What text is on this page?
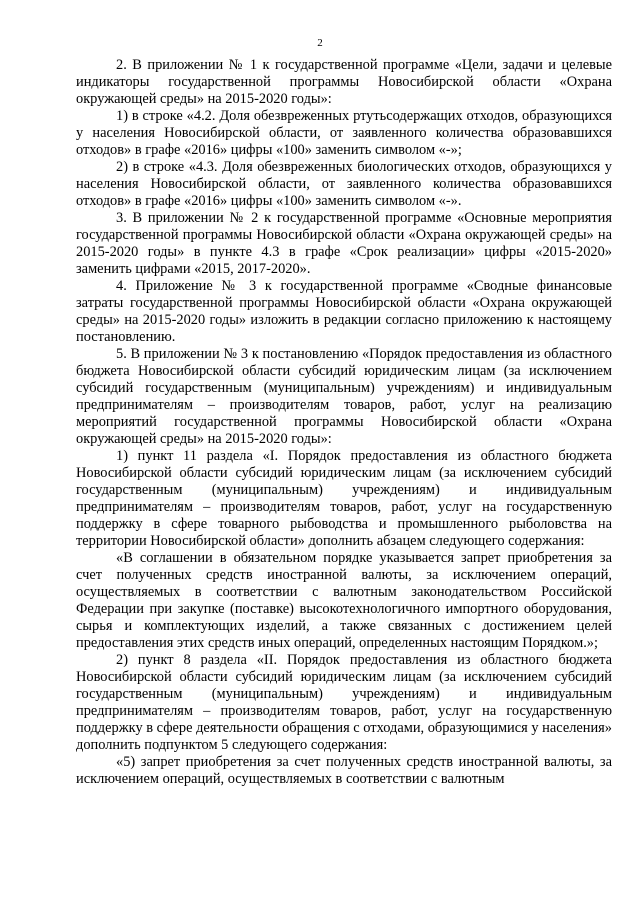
2

2. В приложении № 1 к государственной программе «Цели, задачи и целевые индикаторы государственной программы Новосибирской области «Охрана окружающей среды» на 2015-2020 годы»:

1) в строке «4.2. Доля обезвреженных ртутьсодержащих отходов, образующихся у населения Новосибирской области, от заявленного количества образовавшихся отходов» в графе «2016» цифры «100» заменить символом «-»;

2) в строке «4.3. Доля обезвреженных биологических отходов, образующихся у населения Новосибирской области, от заявленного количества образовавшихся отходов» в графе «2016» цифры «100» заменить символом «-».

3. В приложении № 2 к государственной программе «Основные мероприятия государственной программы Новосибирской области «Охрана окружающей среды» на 2015-2020 годы» в пункте 4.3 в графе «Срок реализации» цифры «2015-2020» заменить цифрами «2015, 2017-2020».

4. Приложение № 3 к государственной программе «Сводные финансовые затраты государственной программы Новосибирской области «Охрана окружающей среды» на 2015-2020 годы» изложить в редакции согласно приложению к настоящему постановлению.

5. В приложении № 3 к постановлению «Порядок предоставления из областного бюджета Новосибирской области субсидий юридическим лицам (за исключением субсидий государственным (муниципальным) учреждениям) и индивидуальным предпринимателям – производителям товаров, работ, услуг на реализацию мероприятий государственной программы Новосибирской области «Охрана окружающей среды» на 2015-2020 годы»:

1) пункт 11 раздела «I. Порядок предоставления из областного бюджета Новосибирской области субсидий юридическим лицам (за исключением субсидий государственным (муниципальным) учреждениям) и индивидуальным предпринимателям – производителям товаров, работ, услуг на государственную поддержку в сфере товарного рыбоводства и промышленного рыболовства на территории Новосибирской области» дополнить абзацем следующего содержания:

«В соглашении в обязательном порядке указывается запрет приобретения за счет полученных средств иностранной валюты, за исключением операций, осуществляемых в соответствии с валютным законодательством Российской Федерации при закупке (поставке) высокотехнологичного импортного оборудования, сырья и комплектующих изделий, а также связанных с достижением целей предоставления этих средств иных операций, определенных настоящим Порядком.»;

2) пункт 8 раздела «II. Порядок предоставления из областного бюджета Новосибирской области субсидий юридическим лицам (за исключением субсидий государственным (муниципальным) учреждениям) и индивидуальным предпринимателям – производителям товаров, работ, услуг на государственную поддержку в сфере деятельности обращения с отходами, образующимися у населения» дополнить подпунктом 5 следующего содержания:

«5) запрет приобретения за счет полученных средств иностранной валюты, за исключением операций, осуществляемых в соответствии с валютным
